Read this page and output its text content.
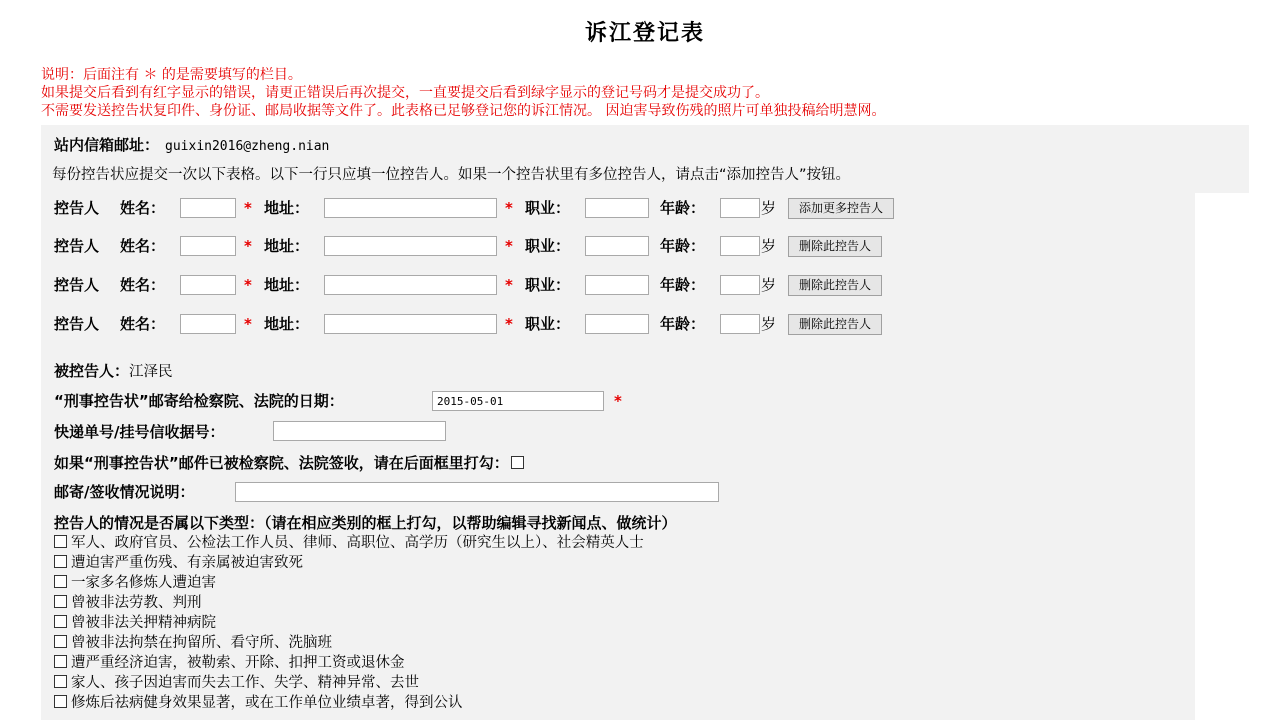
诉江登记表
说明：后面注有 ＊ 的是需要填写的栏目。
如果提交后看到有红字显示的错误，请更正错误后再次提交，一直要提交后看到绿字显示的登记号码才是提交成功了。
不需要发送控告状复印件、身份证、邮局收据等文件了。此表格已足够登记您的诉江情况。 因迫害导致伤残的照片可单独投稿给明慧网。
站内信箱邮址： guixin2016@zheng.nian
每份控告状应提交一次以下表格。以下一行只应填一位控告人。如果一个控告状里有多位控告人，请点击“添加控告人”按钮。
控告人 姓名：	* 地址：	* 职业：	年龄：	岁	添加更多控告人
控告人 姓名：	* 地址：	* 职业：	年龄：	岁	删除此控告人
控告人 姓名：	* 地址：	* 职业：	年龄：	岁	删除此控告人
控告人 姓名：	* 地址：	* 职业：	年龄：	岁	删除此控告人
被控告人：江泽民
“刑事控告状”邮寄给检察院、法院的日期：
2015-05-01	*
快递单号/挂号信收据号：
如果“刑事控告状”邮件已被检察院、法院签收，请在后面框里打勾：
邮寄/签收情况说明：
控告人的情况是否属以下类型：（请在相应类别的框上打勾，以帮助编辑寻找新闻点、做统计）
军人、政府官员、公检法工作人员、律师、高职位、高学历（研究生以上）、社会精英人士
遭迫害严重伤残、有亲属被迫害致死
一家多名修炼人遭迫害
曾被非法劳教、判刑
曾被非法关押精神病院
曾被非法拘禁在拘留所、看守所、洗脑班
遭严重经济迫害，被勒索、开除、扣押工资或退休金
家人、孩子因迫害而失去工作、失学、精神异常、去世
修炼后祛病健身效果显著，或在工作单位业绩卓著，得到公认
